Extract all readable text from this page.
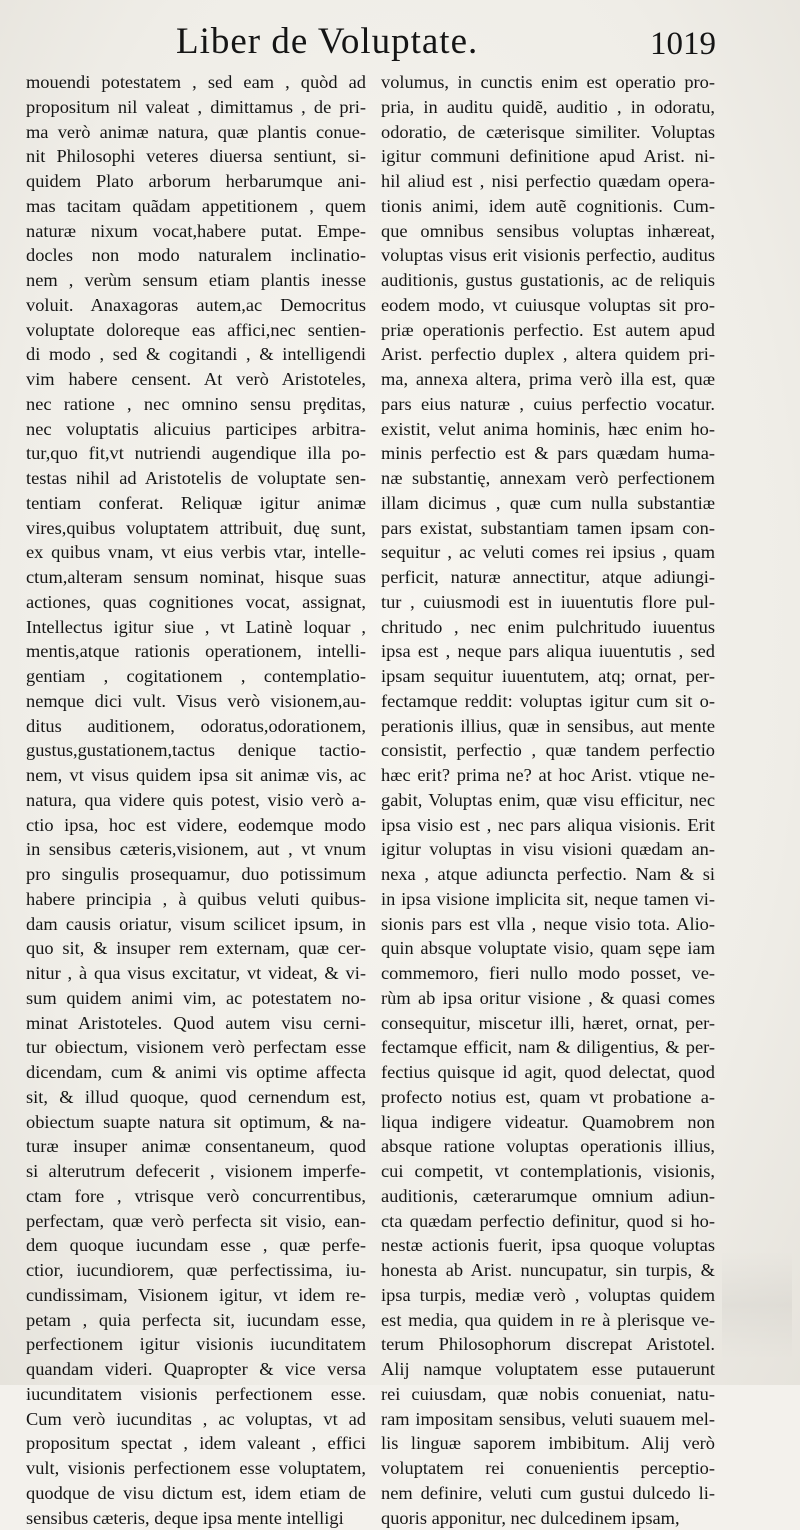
Liber de Voluptate.	1019
mouendi potestatem , sed eam , quòd ad
propositum nil valeat , dimittamus , de pri-
ma verò animæ natura, quæ plantis conue-
nit Philosophi veteres diuersa sentiunt, si-
quidem Plato arborum herbarumque ani-
mas tacitam quãdam appetitionem , quem
naturæ nixum vocat,habere putat. Empe-
docles non modo naturalem inclinatio-
nem , verùm sensum etiam plantis inesse
voluit. Anaxagoras autem,ac Democritus
voluptate doloreque eas affici,nec sentien-
di modo , sed & cogitandi , & intelligendi
vim habere censent. At verò Aristoteles,
nec ratione , nec omnino sensu prȩditas,
nec voluptatis alicuius participes arbitra-
tur,quo fit,vt nutriendi augendique illa po-
testas nihil ad Aristotelis de voluptate sen-
tentiam conferat. Reliquæ igitur animæ
vires,quibus voluptatem attribuit, duę sunt,
ex quibus vnam, vt eius verbis vtar, intelle-
ctum,alteram sensum nominat, hisque suas
actiones, quas cognitiones vocat, assignat,
Intellectus igitur siue , vt Latinè loquar ,
mentis,atque rationis operationem, intelli-
gentiam , cogitationem , contemplatio-
nemque dici vult. Visus verò visionem,au-
ditus auditionem, odoratus,odorationem,
gustus,gustationem,tactus denique tactio-
nem, vt visus quidem ipsa sit animæ vis, ac
natura, qua videre quis potest, visio verò a-
ctio ipsa, hoc est videre, eodemque modo
in sensibus cæteris,visionem, aut , vt vnum
pro singulis prosequamur, duo potissimum
habere principia , à quibus veluti quibus-
dam causis oriatur, visum scilicet ipsum, in
quo sit, & insuper rem externam, quæ cer-
nitur , à qua visus excitatur, vt videat, & vi-
sum quidem animi vim, ac potestatem no-
minat Aristoteles. Quod autem visu cerni-
tur obiectum, visionem verò perfectam esse
dicendam, cum & animi vis optime affecta
sit, & illud quoque, quod cernendum est,
obiectum suapte natura sit optimum, & na-
turæ insuper animæ consentaneum, quod
si alterutrum defecerit , visionem imperfe-
ctam fore , vtrisque verò concurrentibus,
perfectam, quæ verò perfecta sit visio, ean-
dem quoque iucundam esse , quæ perfe-
ctior, iucundiorem, quæ perfectissima, iu-
cundissimam, Visionem igitur, vt idem re-
petam , quia perfecta sit, iucundam esse,
perfectionem igitur visionis iucunditatem
quandam videri. Quapropter & vice versa
iucunditatem visionis perfectionem esse.
Cum verò iucunditas , ac voluptas, vt ad
propositum spectat , idem valeant , effici
vult, visionis perfectionem esse voluptatem,
quodque de visu dictum est, idem etiam de
sensibus cæteris, deque ipsa mente intelligi
volumus, in cunctis enim est operatio pro-
pria, in auditu quidẽ, auditio , in odoratu,
odoratio, de cæterisque similiter. Voluptas
igitur communi definitione apud Arist. ni-
hil aliud est , nisi perfectio quædam opera-
tionis animi, idem autẽ cognitionis. Cum-
que omnibus sensibus voluptas inhæreat,
voluptas visus erit visionis perfectio, auditus
auditionis, gustus gustationis, ac de reliquis
eodem modo, vt cuiusque voluptas sit pro-
priæ operationis perfectio. Est autem apud
Arist. perfectio duplex , altera quidem pri-
ma, annexa altera, prima verò illa est, quæ
pars eius naturæ , cuius perfectio vocatur.
existit, velut anima hominis, hæc enim ho-
minis perfectio est & pars quædam huma-
næ substantię, annexam verò perfectionem
illam dicimus , quæ cum nulla substantiæ
pars existat, substantiam tamen ipsam con-
sequitur , ac veluti comes rei ipsius , quam
perficit, naturæ annectitur, atque adiungi-
tur , cuiusmodi est in iuuentutis flore pul-
chritudo , nec enim pulchritudo iuuentus
ipsa est , neque pars aliqua iuuentutis , sed
ipsam sequitur iuuentutem, atq; ornat, per-
fectamque reddit: voluptas igitur cum sit o-
perationis illius, quæ in sensibus, aut mente
consistit, perfectio , quæ tandem perfectio
hæc erit? prima ne? at hoc Arist. vtique ne-
gabit, Voluptas enim, quæ visu efficitur, nec
ipsa visio est , nec pars aliqua visionis. Erit
igitur voluptas in visu visioni quædam an-
nexa , atque adiuncta perfectio. Nam & si
in ipsa visione implicita sit, neque tamen vi-
sionis pars est vlla , neque visio tota. Alio-
quin absque voluptate visio, quam sępe iam
commemoro, fieri nullo modo posset, ve-
rùm ab ipsa oritur visione , & quasi comes
consequitur, miscetur illi, hæret, ornat, per-
fectamque efficit, nam & diligentius, & per-
fectius quisque id agit, quod delectat, quod
profecto notius est, quam vt probatione a-
liqua indigere videatur. Quamobrem non
absque ratione voluptas operationis illius,
cui competit, vt contemplationis, visionis,
auditionis, cæterarumque omnium adiun-
cta quædam perfectio definitur, quod si ho-
nestæ actionis fuerit, ipsa quoque voluptas
honesta ab Arist. nuncupatur, sin turpis, &
ipsa turpis, mediæ verò , voluptas quidem
est media, qua quidem in re à plerisque ve-
terum Philosophorum discrepat Aristotel.
Alij namque voluptatem esse putauerunt
rei cuiusdam, quæ nobis conueniat, natu-
ram impositam sensibus, veluti suauem mel-
lis linguæ saporem imbibitum. Alij verò
voluptatem rei conuenientis perceptio-
nem definire, veluti cum gustui dulcedo li-
quoris apponitur, nec dulcedinem ipsam,
